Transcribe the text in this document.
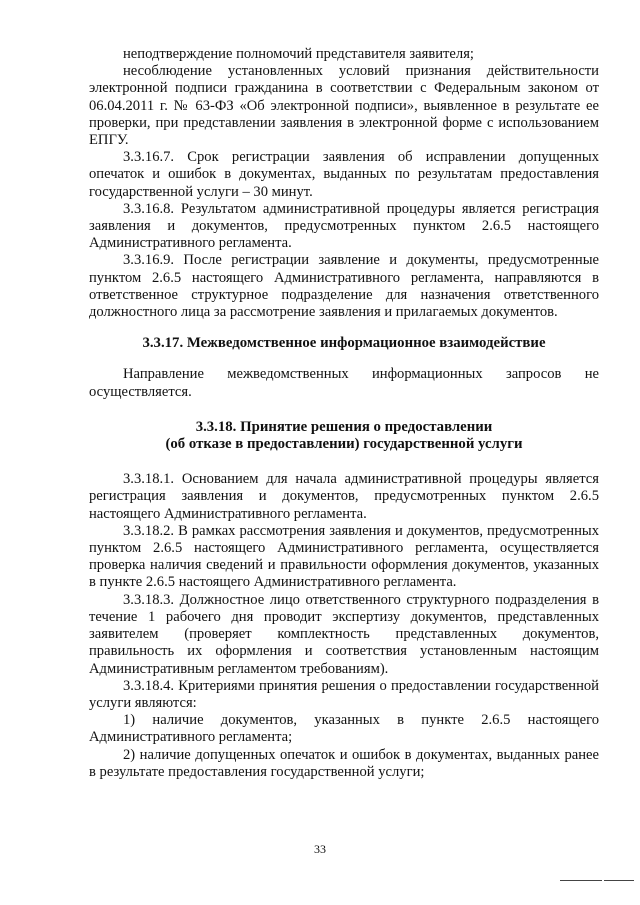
неподтверждение полномочий представителя заявителя;

несоблюдение установленных условий признания действительности электронной подписи гражданина в соответствии с Федеральным законом от 06.04.2011 г. № 63-ФЗ «Об электронной подписи», выявленное в результате ее проверки, при представлении заявления в электронной форме с использованием ЕПГУ.

3.3.16.7. Срок регистрации заявления об исправлении допущенных опечаток и ошибок в документах, выданных по результатам предоставления государственной услуги – 30 минут.

3.3.16.8. Результатом административной процедуры является регистрация заявления и документов, предусмотренных пунктом 2.6.5 настоящего Административного регламента.

3.3.16.9. После регистрации заявление и документы, предусмотренные пунктом 2.6.5 настоящего Административного регламента, направляются в ответственное структурное подразделение для назначения ответственного должностного лица за рассмотрение заявления и прилагаемых документов.

3.3.17. Межведомственное информационное взаимодействие

Направление межведомственных информационных запросов не осуществляется.

3.3.18. Принятие решения о предоставлении
(об отказе в предоставлении) государственной услуги

3.3.18.1. Основанием для начала административной процедуры является регистрация заявления и документов, предусмотренных пунктом 2.6.5 настоящего Административного регламента.

3.3.18.2. В рамках рассмотрения заявления и документов, предусмотренных пунктом 2.6.5 настоящего Административного регламента, осуществляется проверка наличия сведений и правильности оформления документов, указанных в пункте 2.6.5 настоящего Административного регламента.

3.3.18.3. Должностное лицо ответственного структурного подразделения в течение 1 рабочего дня проводит экспертизу документов, представленных заявителем (проверяет комплектность представленных документов, правильность их оформления и соответствия установленным настоящим Административным регламентом требованиям).

3.3.18.4. Критериями принятия решения о предоставлении государственной услуги являются:

1) наличие документов, указанных в пункте 2.6.5 настоящего Административного регламента;

2) наличие допущенных опечаток и ошибок в документах, выданных ранее в результате предоставления государственной услуги;

33
